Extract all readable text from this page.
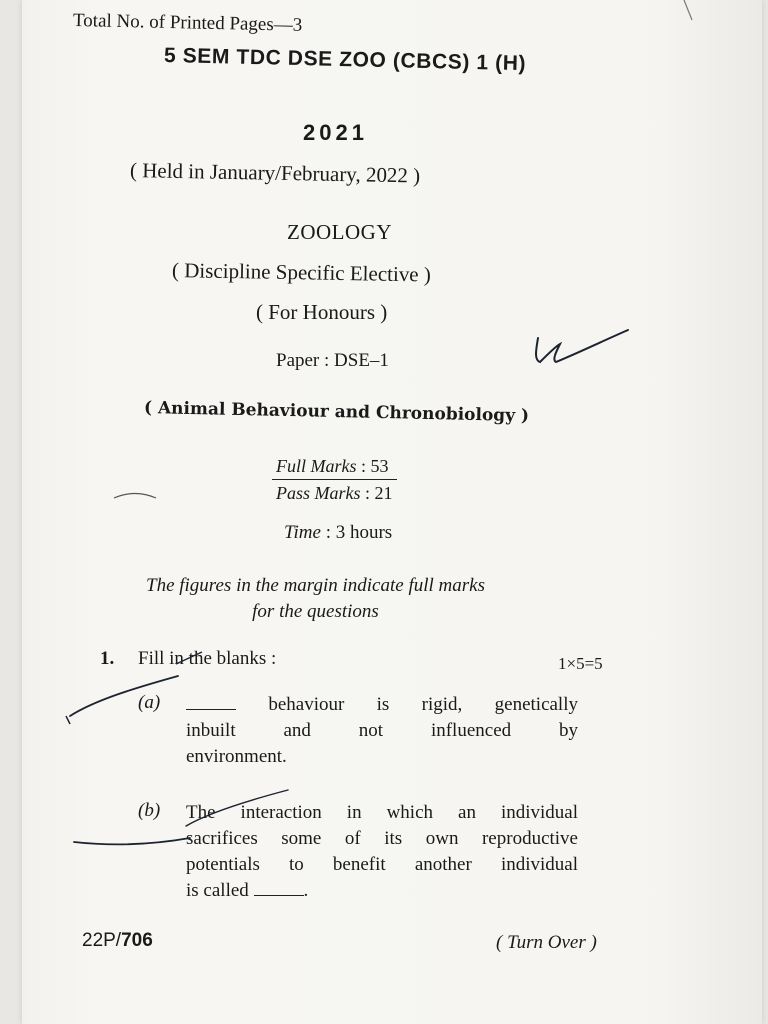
Total No. of Printed Pages—3
5 SEM TDC DSE ZOO (CBCS) 1 (H)
2021
( Held in January/February, 2022 )
ZOOLOGY
( Discipline Specific Elective )
( For Honours )
Paper : DSE–1
( Animal Behaviour and Chronobiology )
Full Marks : 53
Pass Marks : 21
Time : 3 hours
The figures in the margin indicate full marks
for the questions
1. Fill in the blanks :	1×5=5
(a)	behaviour is rigid, genetically
inbuilt and not influenced by
environment.
(b) The interaction in which an individual
sacrifices some of its own reproductive
potentials to benefit another individual
is called	.
22P/706	( Turn Over )
